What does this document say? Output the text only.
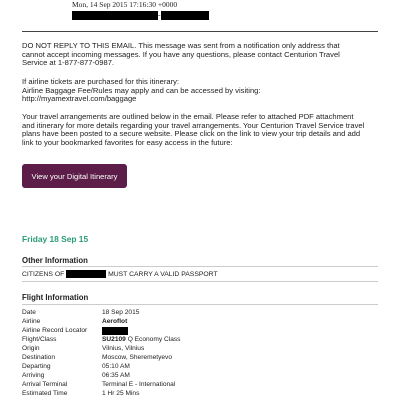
Mon, 14 Sep 2015 17:16:30 +0000
-
DO NOT REPLY TO THIS EMAIL. This message was sent from a notification only address that
cannot accept incoming messages. If you have any questions, please contact Centurion Travel
Service at 1-877-877-0987.
If airline tickets are purchased for this itinerary:
Airline Baggage Fee/Rules may apply and can be accessed by visiting:
http://myamextravel.com/baggage
Your travel arrangements are outlined below in the email. Please refer to attached PDF attachment
and itinerary for more details regarding your travel arrangements. Your Centurion Travel Service travel
plans have been posted to a secure website. Please click on the link to view your trip details and add
link to your bookmarked favorites for easy access in the future:
View your Digital Itinerary
Friday 18 Sep 15
Other Information
CITIZENS OF	MUST CARRY A VALID PASSPORT
Flight Information
Date	18 Sep 2015
Airline	Aeroflot
Airline Record Locator
Flight/Class	SU2109 Q Economy Class
Origin	Vilnius, Vilnius
Destination	Moscow, Sheremetyevo
Departing	05:10 AM
Arriving	06:35 AM
Arrival Terminal	Terminal E - International
Estimated Time	1 Hr 25 Mins
